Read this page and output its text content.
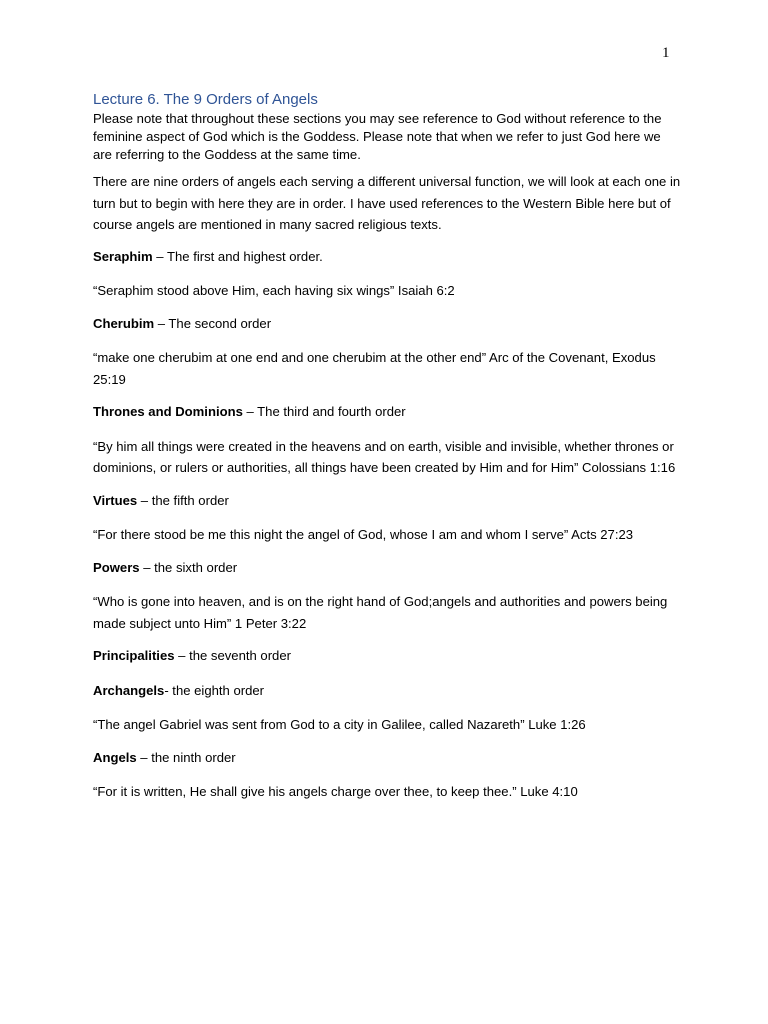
1
Lecture 6. The 9 Orders of Angels

Please note that throughout these sections you may see reference to God without reference to the feminine aspect of God which is the Goddess. Please note that when we refer to just God here we are referring to the Goddess at the same time.

There are nine orders of angels each serving a different universal function, we will look at each one in turn but to begin with here they are in order. I have used references to the Western Bible here but of course angels are mentioned in many sacred religious texts.

Seraphim – The first and highest order.

“Seraphim stood above Him, each having six wings” Isaiah 6:2

Cherubim – The second order

“make one cherubim at one end and one cherubim at the other end” Arc of the Covenant, Exodus 25:19

Thrones and Dominions – The third and fourth order

“By him all things were created in the heavens and on earth, visible and invisible, whether thrones or dominions, or rulers or authorities, all things have been created by Him and for Him” Colossians 1:16

Virtues – the fifth order

“For there stood be me this night the angel of God, whose I am and whom I serve” Acts 27:23

Powers – the sixth order

“Who is gone into heaven, and is on the right hand of God;angels and authorities and powers being made subject unto Him” 1 Peter 3:22

Principalities – the seventh order

Archangels- the eighth order

“The angel Gabriel was sent from God to a city in Galilee, called Nazareth” Luke 1:26

Angels – the ninth order

“For it is written, He shall give his angels charge over thee, to keep thee.” Luke 4:10
